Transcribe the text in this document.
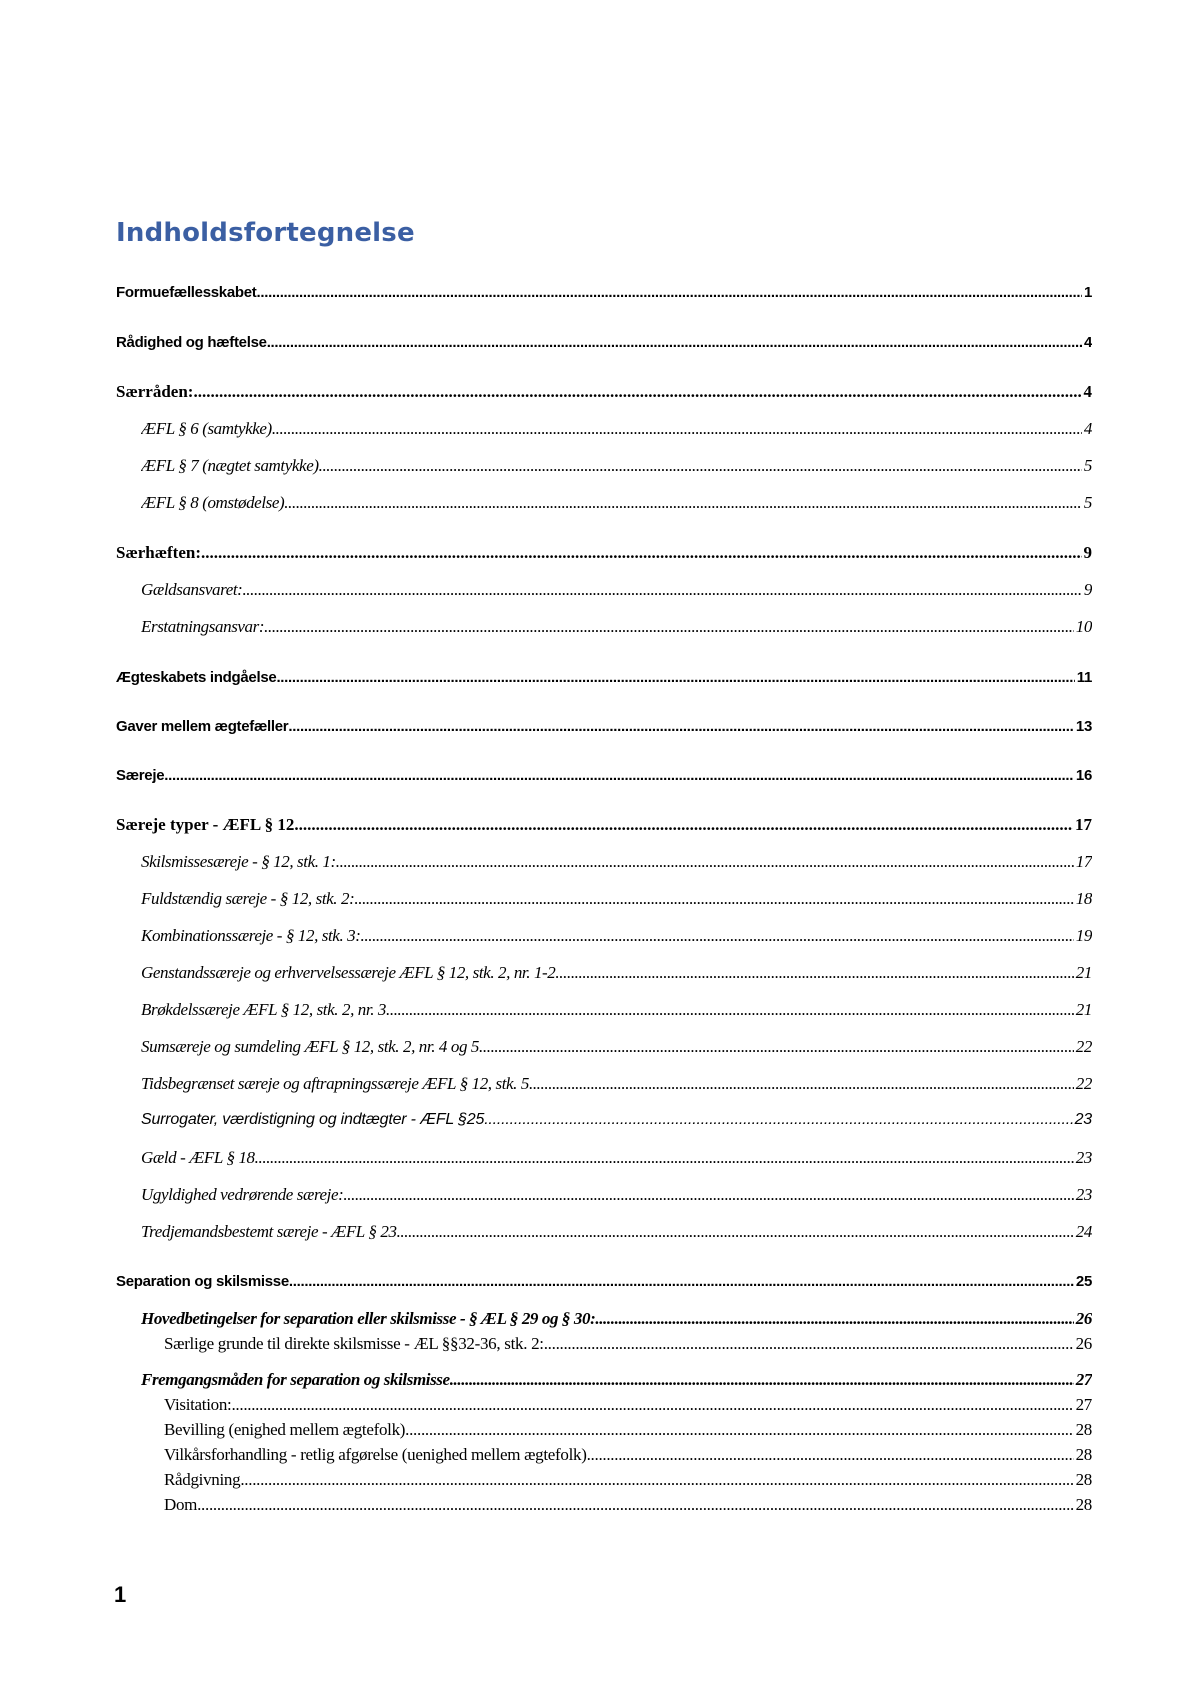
Indholdsfortegnelse
Formuefællesskabet .....	1
Rådighed og hæftelse .....	4
Særråden: .....	4
ÆFL § 6 (samtykke) .....	4
ÆFL § 7 (nægtet samtykke) .....	5
ÆFL § 8 (omstødelse) .....	5
Særhæften: .....	9
Gældsansvaret: .....	9
Erstatningsansvar: .....	10
Ægteskabets indgåelse .....	11
Gaver mellem ægtefæller .....	13
Særeje .....	16
Særeje typer - ÆFL § 12 .....	17
Skilsmissesæreje - § 12, stk. 1: .....	17
Fuldstændig særeje - § 12, stk. 2: .....	18
Kombinationssæreje - § 12, stk. 3: .....	19
Genstandssæreje og erhvervelsessæreje ÆFL § 12, stk. 2, nr. 1-2 .....	21
Brøkdelssæreje ÆFL § 12, stk. 2, nr. 3 .....	21
Sumsæreje og sumdeling ÆFL § 12, stk. 2, nr. 4 og 5 .....	22
Tidsbegrænset særeje og aftrapningssæreje ÆFL § 12, stk. 5 .....	22
Surrogater, værdistigning og indtægter - ÆFL §25 .....	23
Gæld - ÆFL § 18 .....	23
Ugyldighed vedrørende særeje: .....	23
Tredjemandsbestemt særeje - ÆFL § 23 .....	24
Separation og skilsmisse .....	25
Hovedbetingelser for separation eller skilsmisse - § ÆL § 29 og § 30: .....	26
Særlige grunde til direkte skilsmisse - ÆL §§32-36, stk. 2: .....	26
Fremgangsmåden for separation og skilsmisse .....	27
Visitation: .....	27
Bevilling (enighed mellem ægtefolk) .....	28
Vilkårsforhandling - retlig afgørelse (uenighed mellem ægtefolk) .....	28
Rådgivning .....	28
Dom .....	28
1
